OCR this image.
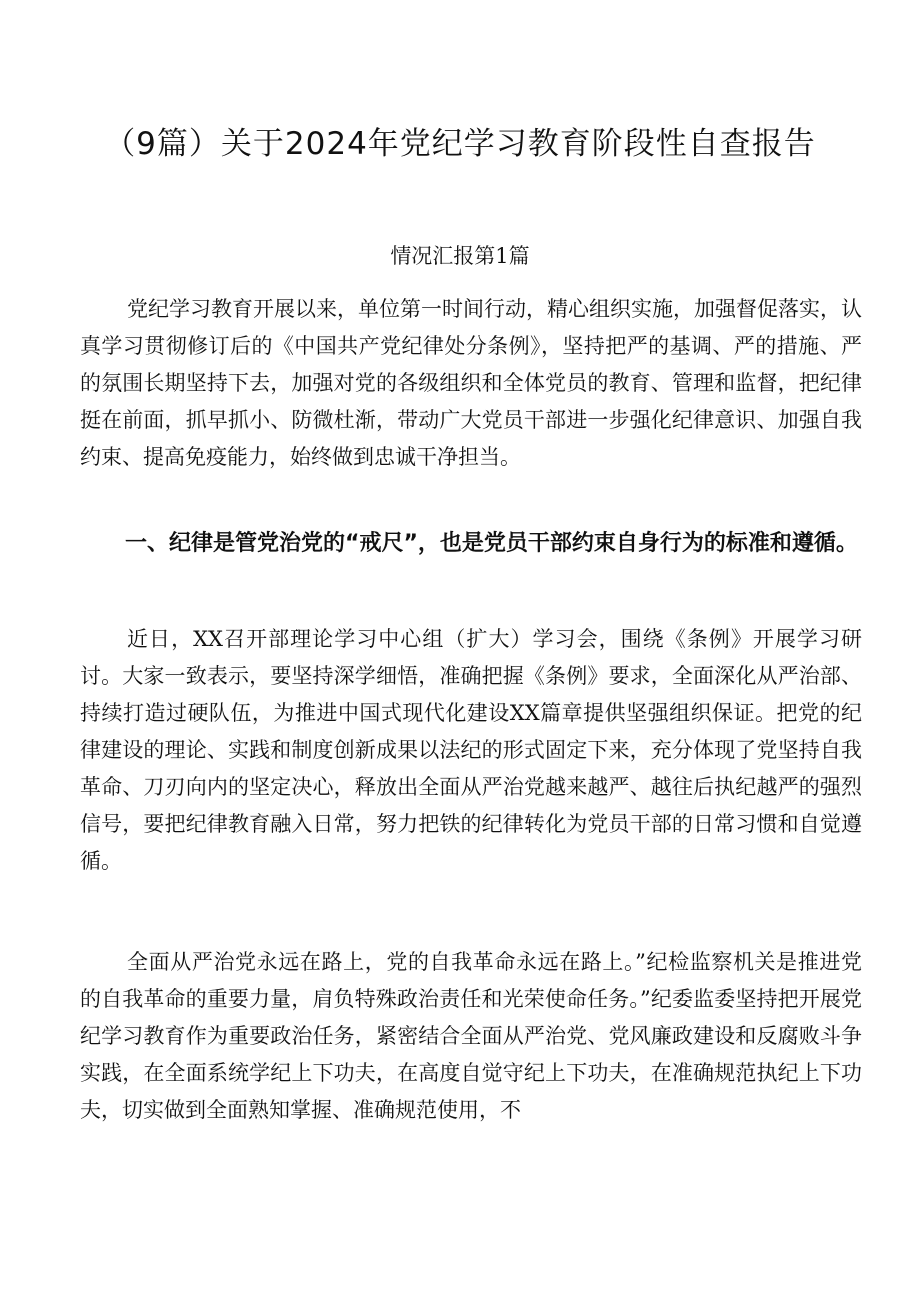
（9篇）关于2024年党纪学习教育阶段性自查报告
情况汇报第1篇

党纪学习教育开展以来，单位第一时间行动，精心组织实施，加强督促落实，认真学习贯彻修订后的《中国共产党纪律处分条例》，坚持把严的基调、严的措施、严的氛围长期坚持下去，加强对党的各级组织和全体党员的教育、管理和监督，把纪律挺在前面，抓早抓小、防微杜渐，带动广大党员干部进一步强化纪律意识、加强自我约束、提高免疫能力，始终做到忠诚干净担当。

一、纪律是管党治党的“戒尺”，也是党员干部约束自身行为的标准和遵循。

近日，XX召开部理论学习中心组（扩大）学习会，围绕《条例》开展学习研讨。大家一致表示，要坚持深学细悟，准确把握《条例》要求，全面深化从严治部、持续打造过硬队伍，为推进中国式现代化建设XX篇章提供坚强组织保证。把党的纪律建设的理论、实践和制度创新成果以法纪的形式固定下来，充分体现了党坚持自我革命、刀刃向内的坚定决心，释放出全面从严治党越来越严、越往后执纪越严的强烈信号，要把纪律教育融入日常，努力把铁的纪律转化为党员干部的日常习惯和自觉遵循。

全面从严治党永远在路上，党的自我革命永远在路上。”纪检监察机关是推进党的自我革命的重要力量，肩负特殊政治责任和光荣使命任务。”纪委监委坚持把开展党纪学习教育作为重要政治任务，紧密结合全面从严治党、党风廉政建设和反腐败斗争实践，在全面系统学纪上下功夫，在高度自觉守纪上下功夫，在准确规范执纪上下功夫，切实做到全面熟知掌握、准确规范使用，不
